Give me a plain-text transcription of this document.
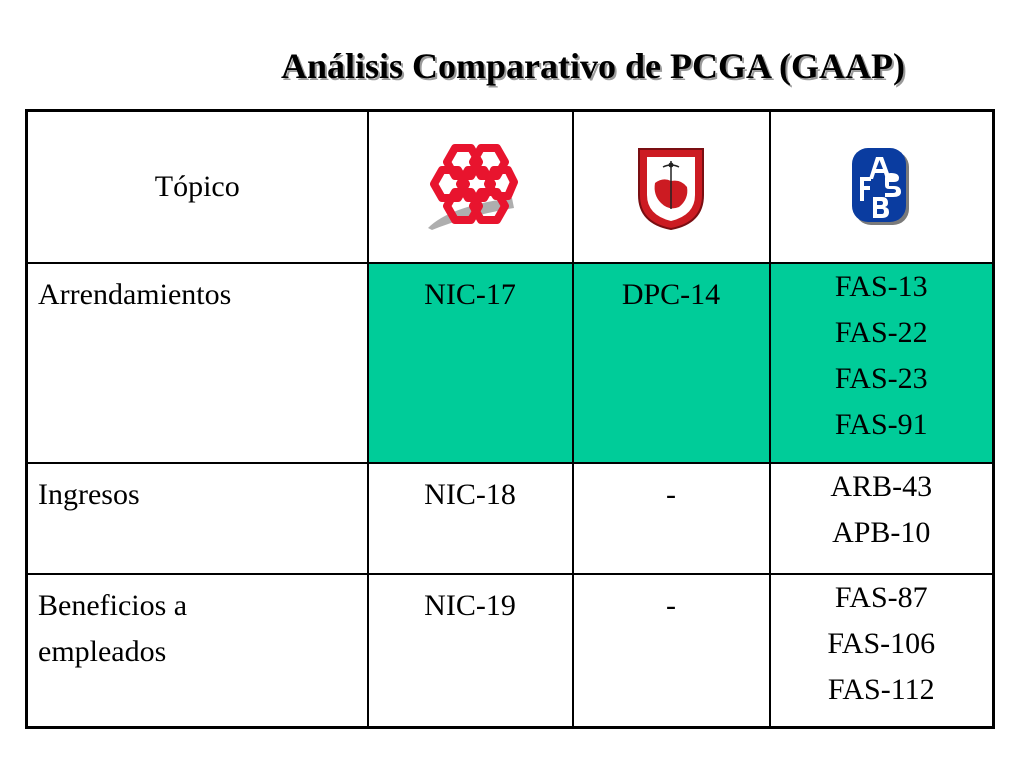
Análisis Comparativo de PCGA (GAAP)
Tópico			
Arrendamientos	NIC-17	DPC-14	FAS-13
FAS-22
FAS-23
FAS-91

Ingresos	NIC-18	-	ARB-43
APB-10

Beneficios a
empleados	NIC-19	-	FAS-87
FAS-106
FAS-112
